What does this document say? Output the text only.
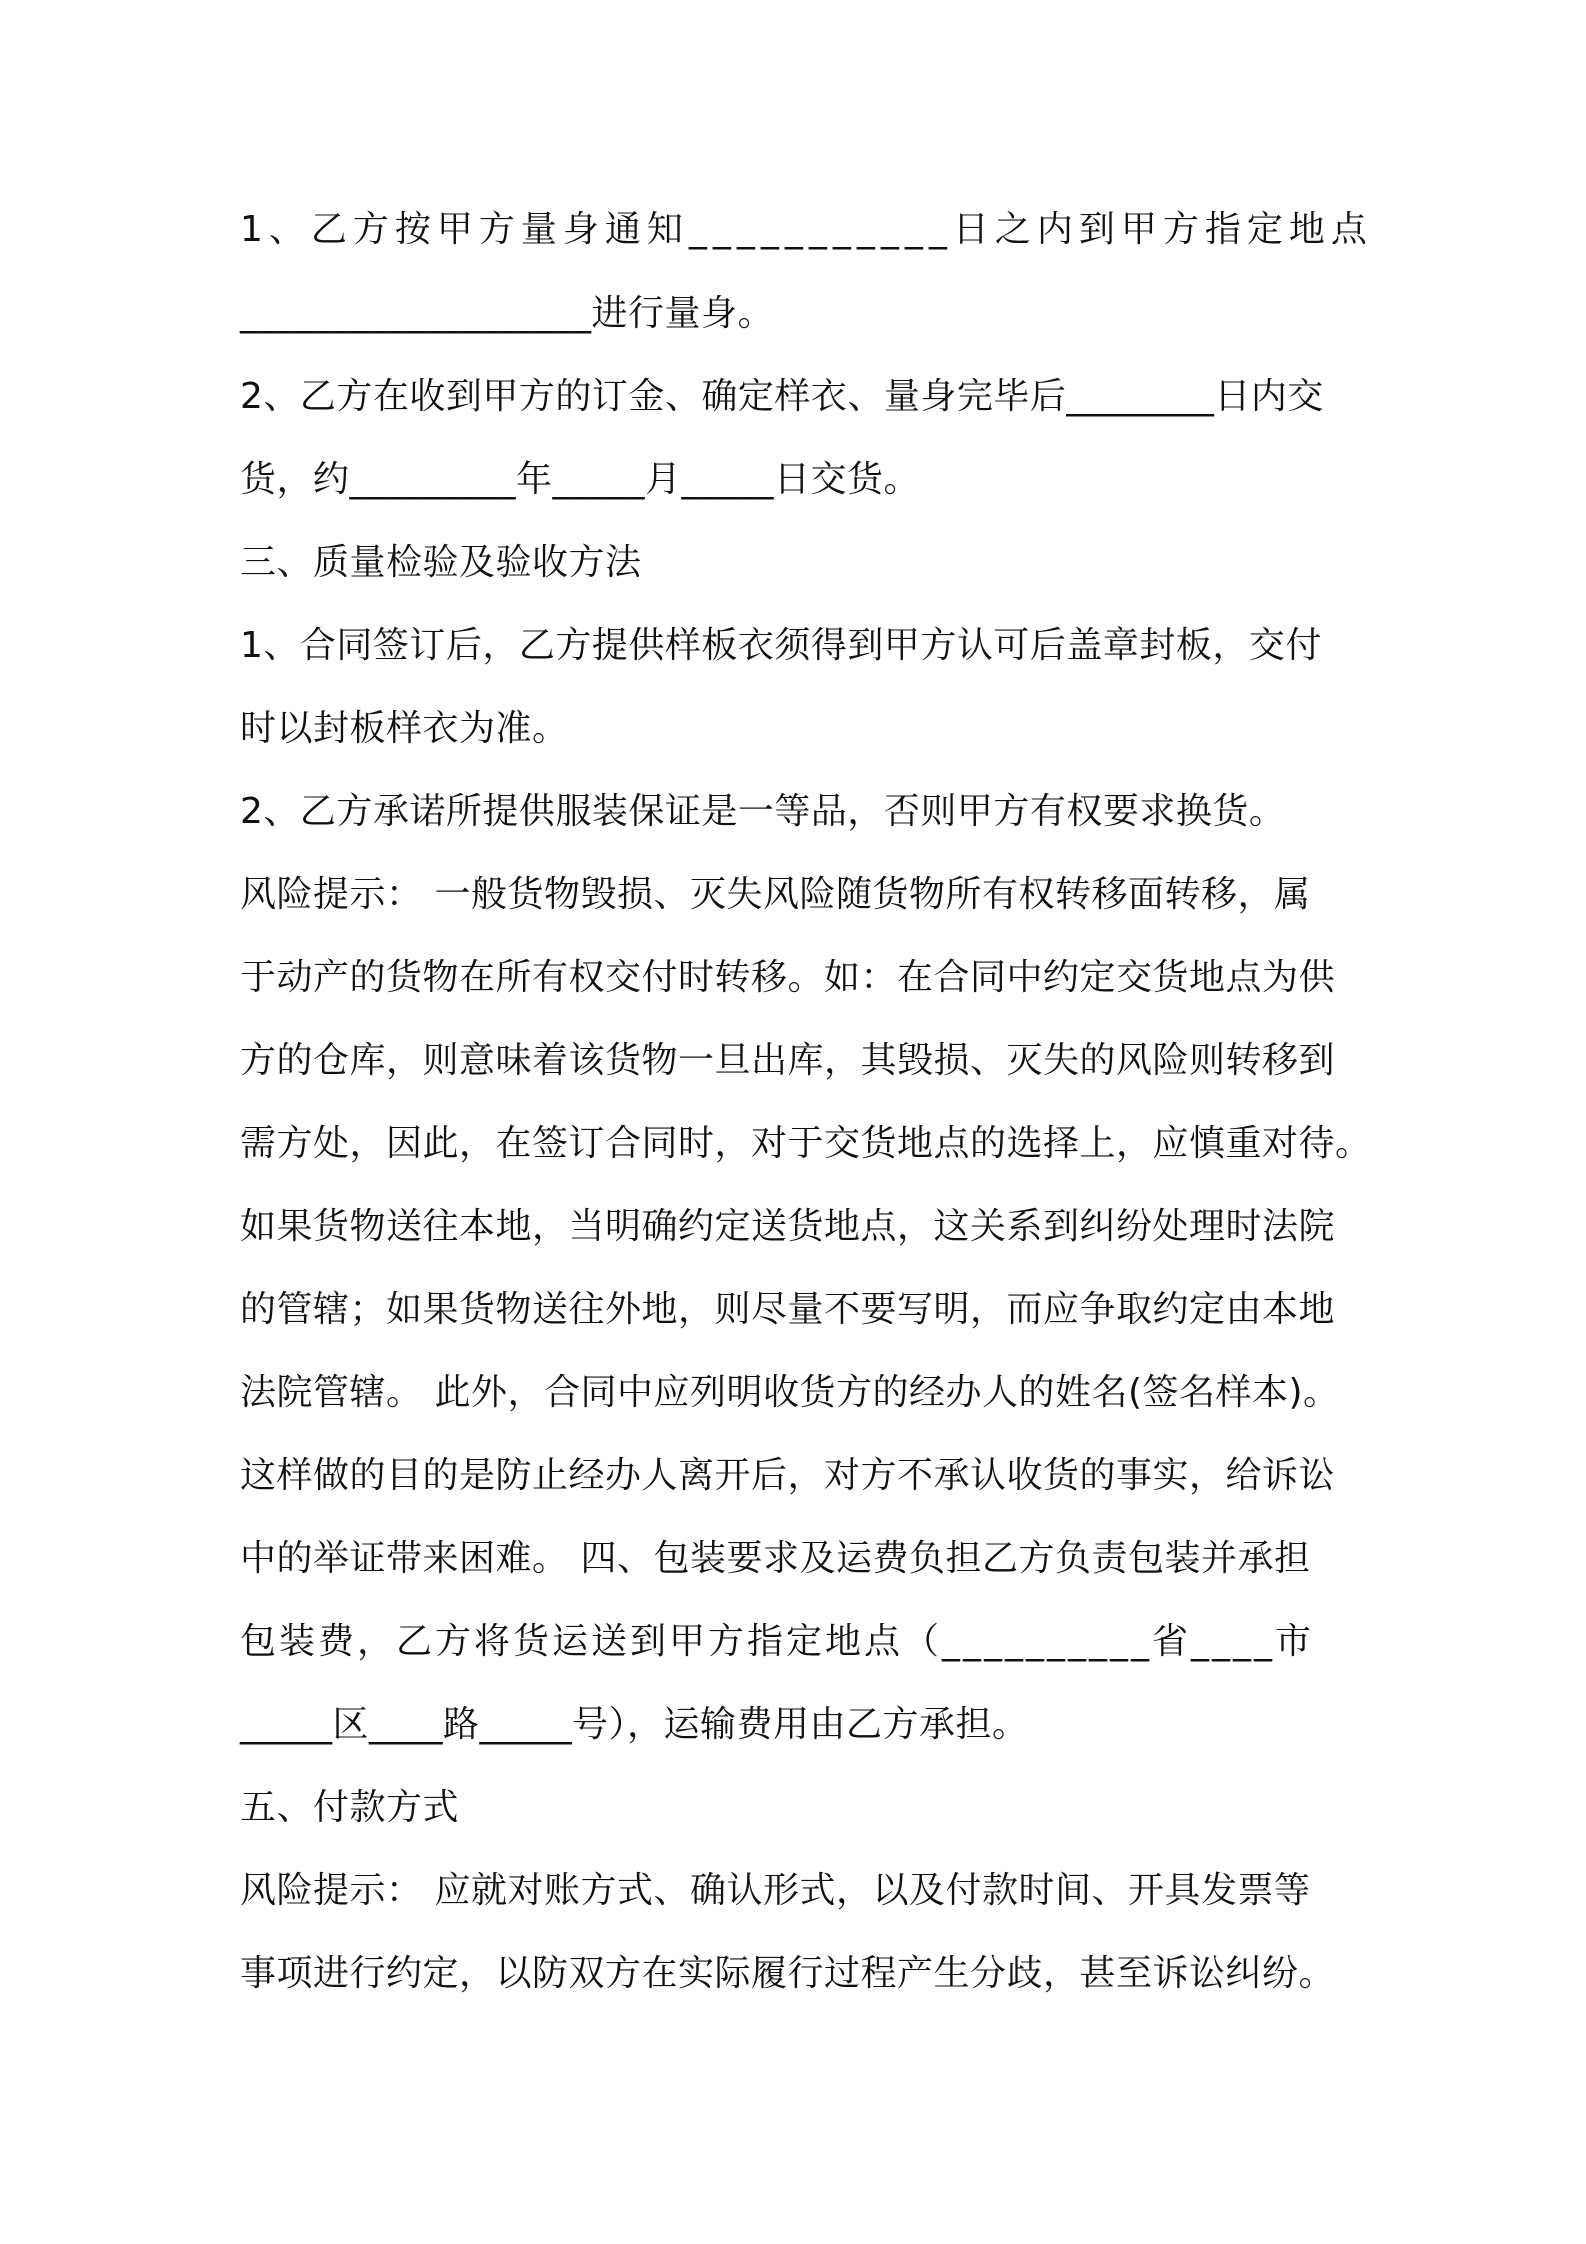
1、乙方按甲方量身通知___________日之内到甲方指定地点
___________________进行量身。
2、乙方在收到甲方的订金、确定样衣、量身完毕后________日内交
货，约_________年_____月_____日交货。
三、质量检验及验收方法
1、合同签订后，乙方提供样板衣须得到甲方认可后盖章封板，交付
时以封板样衣为准。
2、乙方承诺所提供服装保证是一等品，否则甲方有权要求换货。
风险提示： 一般货物毁损、灭失风险随货物所有权转移面转移，属
于动产的货物在所有权交付时转移。如：在合同中约定交货地点为供
方的仓库，则意味着该货物一旦出库，其毁损、灭失的风险则转移到
需方处，因此，在签订合同时，对于交货地点的选择上，应慎重对待。
如果货物送往本地，当明确约定送货地点，这关系到纠纷处理时法院
的管辖；如果货物送往外地，则尽量不要写明，而应争取约定由本地
法院管辖。 此外，合同中应列明收货方的经办人的姓名(签名样本)。
这样做的目的是防止经办人离开后，对方不承认收货的事实，给诉讼
中的举证带来困难。 四、包装要求及运费负担乙方负责包装并承担
包装费，乙方将货运送到甲方指定地点（__________省____市
_____区____路_____号），运输费用由乙方承担。
五、付款方式
风险提示： 应就对账方式、确认形式，以及付款时间、开具发票等
事项进行约定，以防双方在实际履行过程产生分歧，甚至诉讼纠纷。
